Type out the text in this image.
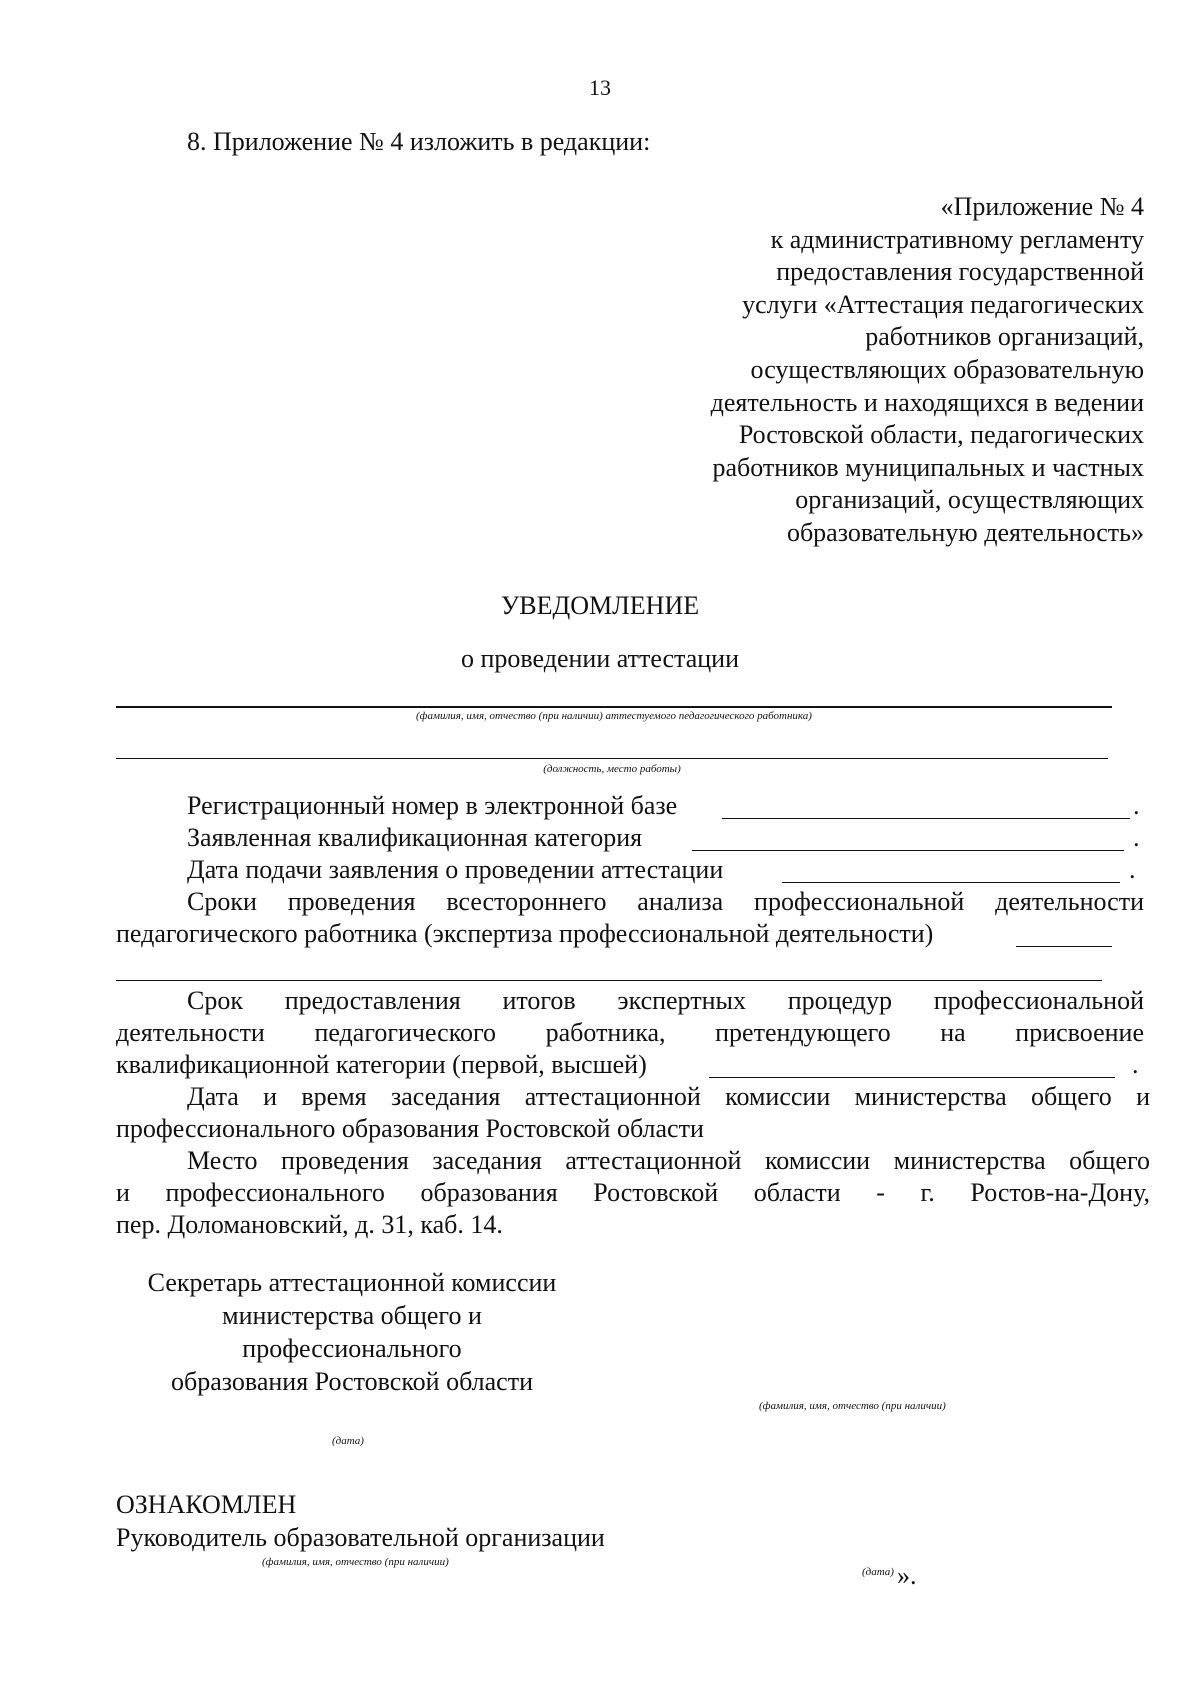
13
8. Приложение № 4 изложить в редакции:
«Приложение № 4
к административному регламенту
предоставления государственной
услуги «Аттестация педагогических
работников организаций,
осуществляющих образовательную
деятельность и находящихся в ведении
Ростовской области, педагогических
работников муниципальных и частных
организаций, осуществляющих
образовательную деятельность»
УВЕДОМЛЕНИЕ
о проведении аттестации
(фамилия, имя, отчество (при наличии) аттестуемого педагогического работника)
(должность, место работы)
Регистрационный номер в электронной базе	.
Заявленная квалификационная категория	.
Дата подачи заявления о проведении аттестации	.
Сроки проведения всестороннего анализа профессиональной деятельности
педагогического работника (экспертиза профессиональной деятельности)
Срок предоставления итогов экспертных процедур профессиональной
деятельности педагогического работника, претендующего на присвоение
квалификационной категории (первой, высшей)	.
Дата и время заседания аттестационной комиссии министерства общего и
профессионального образования Ростовской области
Место проведения заседания аттестационной комиссии министерства общего
и профессионального образования Ростовской области - г. Ростов-на-Дону,
пер. Доломановский, д. 31, каб. 14.
Секретарь аттестационной комиссии
министерства общего и
профессионального
образования Ростовской области
(фамилия, имя, отчество (при наличии)
(дата)
ОЗНАКОМЛЕН
Руководитель образовательной организации
(фамилия, имя, отчество (при наличии)
(дата) ».
